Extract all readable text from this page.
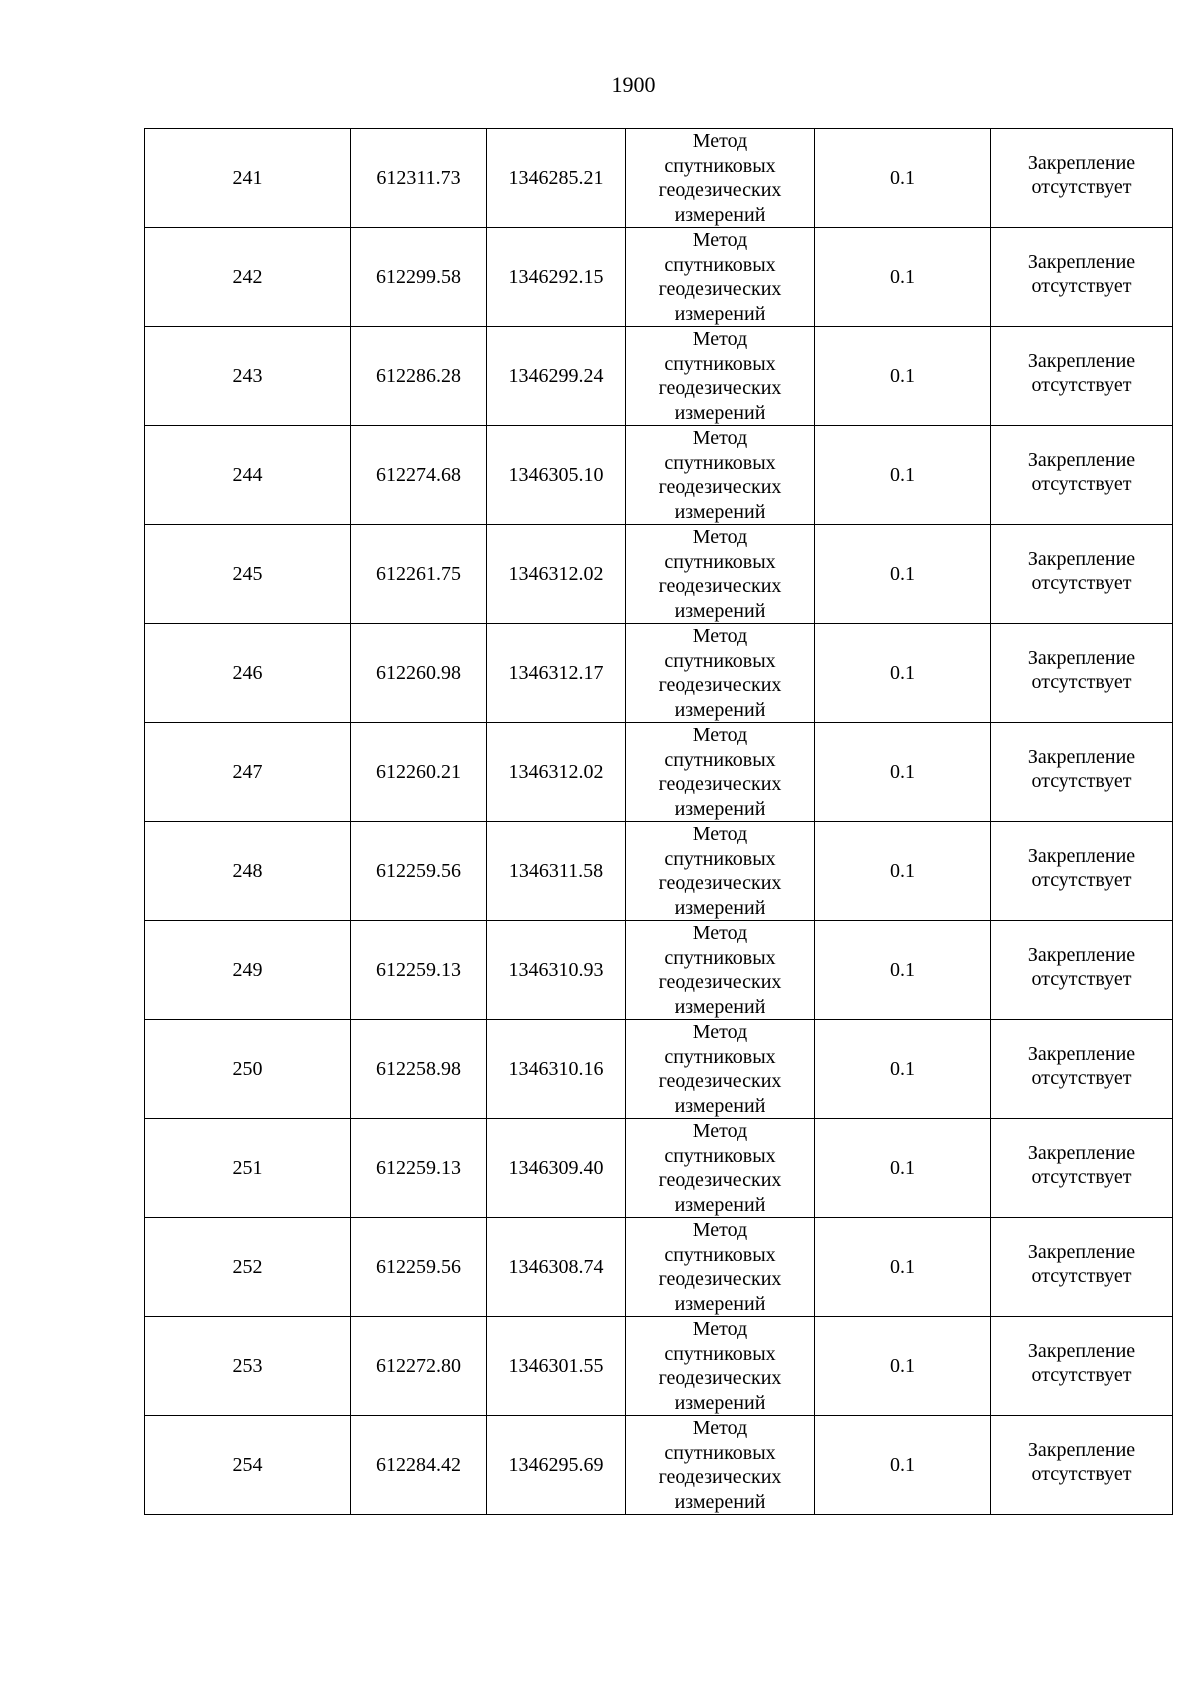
1900
241	612311.73	1346285.21	Метод
спутниковых
геодезических
измерений	0.1	Закрепление
отсутствует

242	612299.58	1346292.15	Метод
спутниковых
геодезических
измерений	0.1	Закрепление
отсутствует

243	612286.28	1346299.24	Метод
спутниковых
геодезических
измерений	0.1	Закрепление
отсутствует

244	612274.68	1346305.10	Метод
спутниковых
геодезических
измерений	0.1	Закрепление
отсутствует

245	612261.75	1346312.02	Метод
спутниковых
геодезических
измерений	0.1	Закрепление
отсутствует

246	612260.98	1346312.17	Метод
спутниковых
геодезических
измерений	0.1	Закрепление
отсутствует

247	612260.21	1346312.02	Метод
спутниковых
геодезических
измерений	0.1	Закрепление
отсутствует

248	612259.56	1346311.58	Метод
спутниковых
геодезических
измерений	0.1	Закрепление
отсутствует

249	612259.13	1346310.93	Метод
спутниковых
геодезических
измерений	0.1	Закрепление
отсутствует

250	612258.98	1346310.16	Метод
спутниковых
геодезических
измерений	0.1	Закрепление
отсутствует

251	612259.13	1346309.40	Метод
спутниковых
геодезических
измерений	0.1	Закрепление
отсутствует

252	612259.56	1346308.74	Метод
спутниковых
геодезических
измерений	0.1	Закрепление
отсутствует

253	612272.80	1346301.55	Метод
спутниковых
геодезических
измерений	0.1	Закрепление
отсутствует

254	612284.42	1346295.69	Метод
спутниковых
геодезических
измерений	0.1	Закрепление
отсутствует
